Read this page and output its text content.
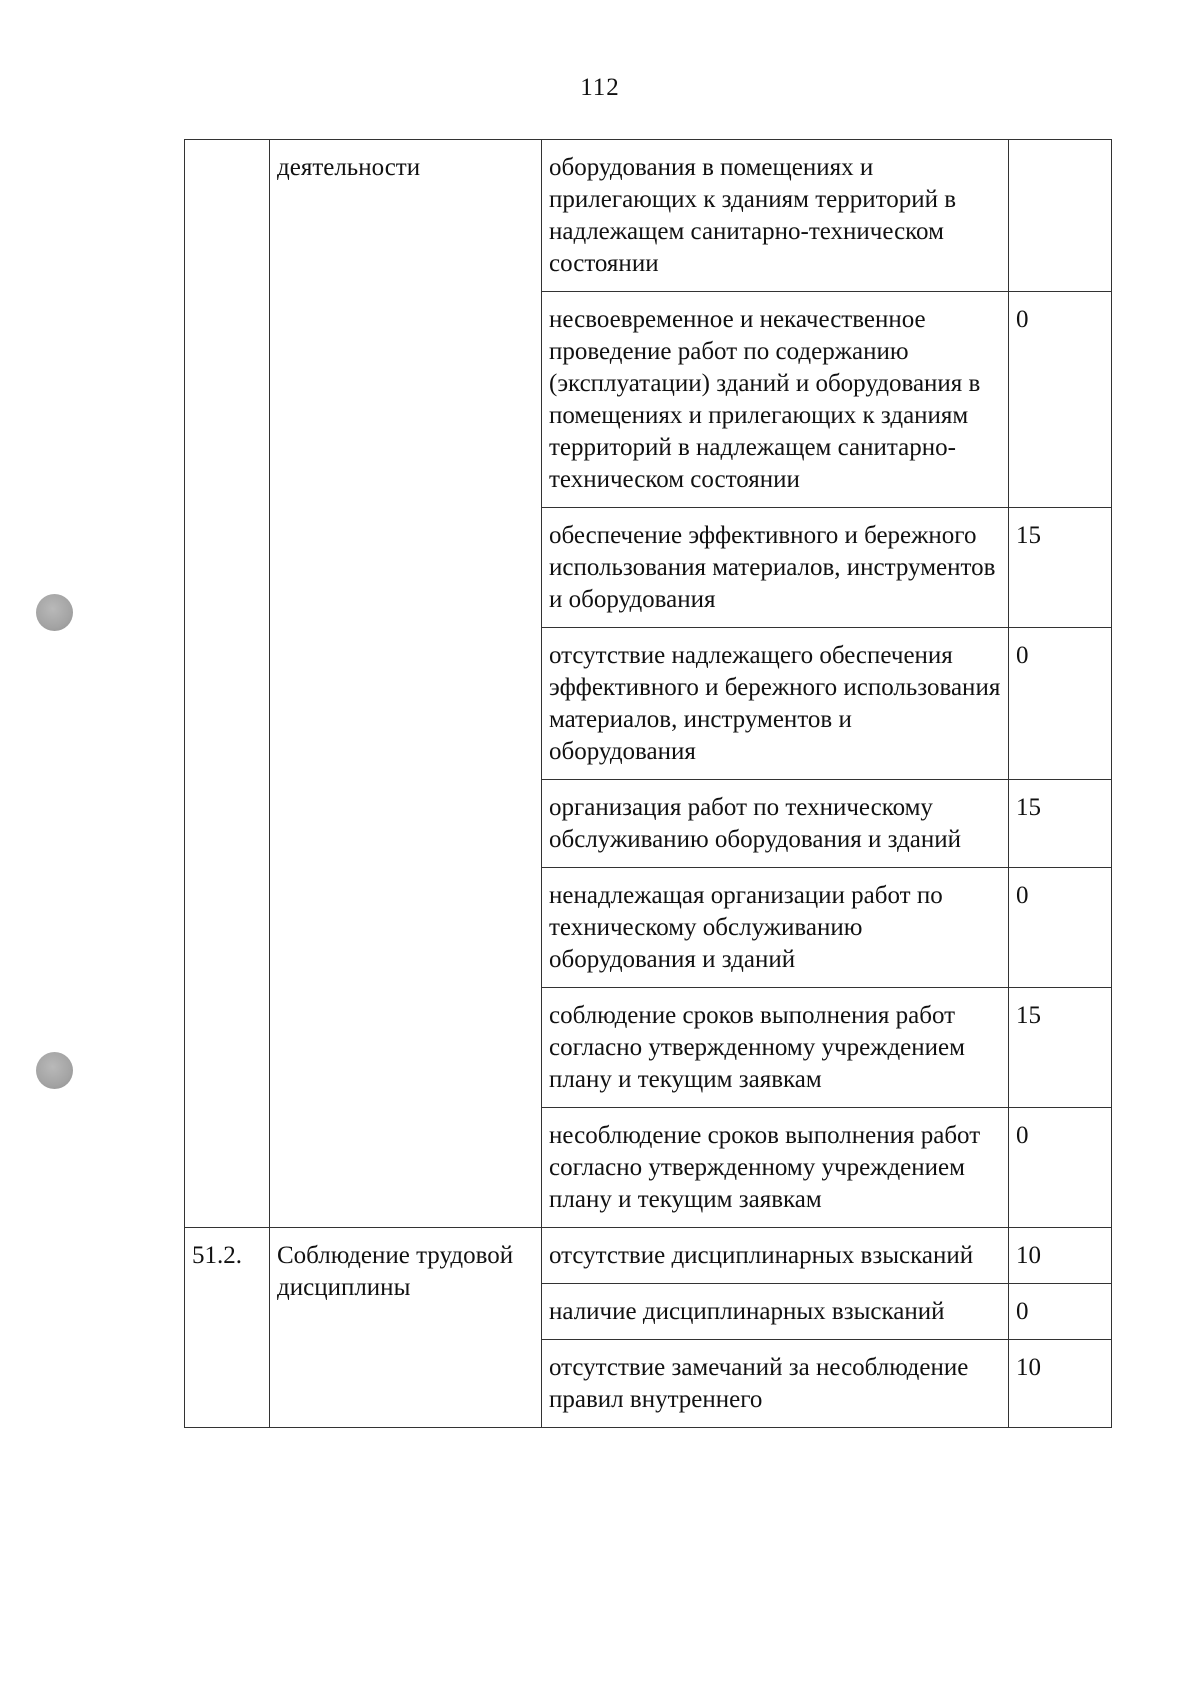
112
	деятельности	оборудования в помещениях и прилегающих к зданиям территорий в надлежащем санитарно-техническом состоянии	
		несвоевременное и некачественное проведение работ по содержанию (эксплуатации) зданий и оборудования в помещениях и прилегающих к зданиям территорий в надлежащем санитарно-техническом состоянии	0
		обеспечение эффективного и бережного использования материалов, инструментов и оборудования	15
		отсутствие надлежащего обеспечения эффективного и бережного использования материалов, инструментов и оборудования	0
		организация работ по техническому обслуживанию оборудования и зданий	15
		ненадлежащая организации работ по техническому обслуживанию оборудования и зданий	0
		соблюдение сроков выполнения работ согласно утвержденному учреждением плану и текущим заявкам	15
		несоблюдение сроков выполнения работ согласно утвержденному учреждением плану и текущим заявкам	0
51.2.	Соблюдение трудовой дисциплины	отсутствие дисциплинарных взысканий	10
		наличие дисциплинарных взысканий	0
		отсутствие замечаний за несоблюдение правил внутреннего	10
